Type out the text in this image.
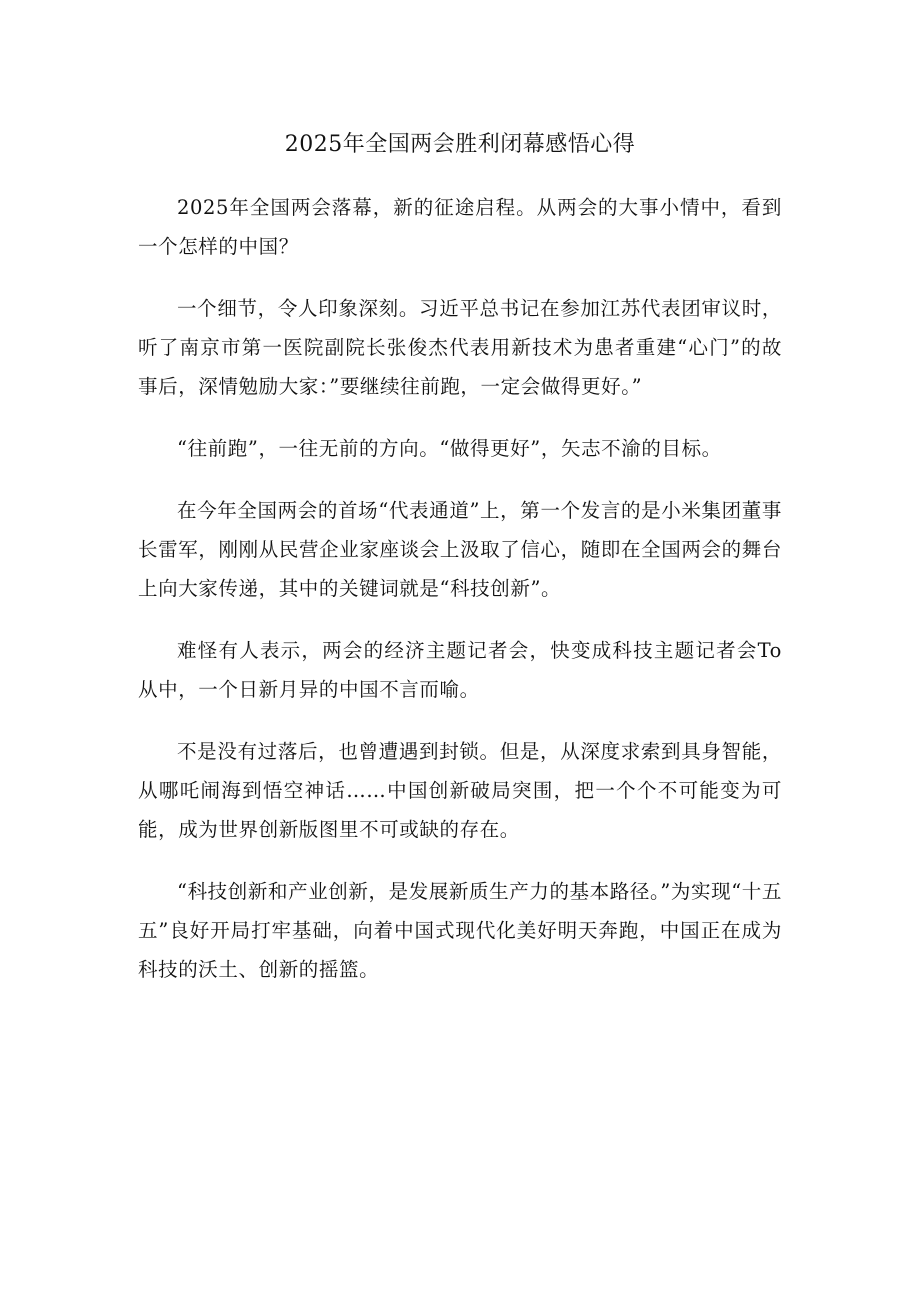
2025年全国两会胜利闭幕感悟心得

2025年全国两会落幕，新的征途启程。从两会的大事小情中，看到一个怎样的中国？

一个细节，令人印象深刻。习近平总书记在参加江苏代表团审议时，听了南京市第一医院副院长张俊杰代表用新技术为患者重建“心门”的故事后，深情勉励大家：”要继续往前跑，一定会做得更好。”

“往前跑”，一往无前的方向。“做得更好”，矢志不渝的目标。

在今年全国两会的首场“代表通道”上，第一个发言的是小米集团董事长雷军，刚刚从民营企业家座谈会上汲取了信心，随即在全国两会的舞台上向大家传递，其中的关键词就是“科技创新”。

难怪有人表示，两会的经济主题记者会，快变成科技主题记者会To从中，一个日新月异的中国不言而喻。

不是没有过落后，也曾遭遇到封锁。但是，从深度求索到具身智能，从哪吒闹海到悟空神话……中国创新破局突围，把一个个不可能变为可能，成为世界创新版图里不可或缺的存在。

“科技创新和产业创新，是发展新质生产力的基本路径。”为实现“十五五”良好开局打牢基础，向着中国式现代化美好明天奔跑，中国正在成为科技的沃土、创新的摇篮。
